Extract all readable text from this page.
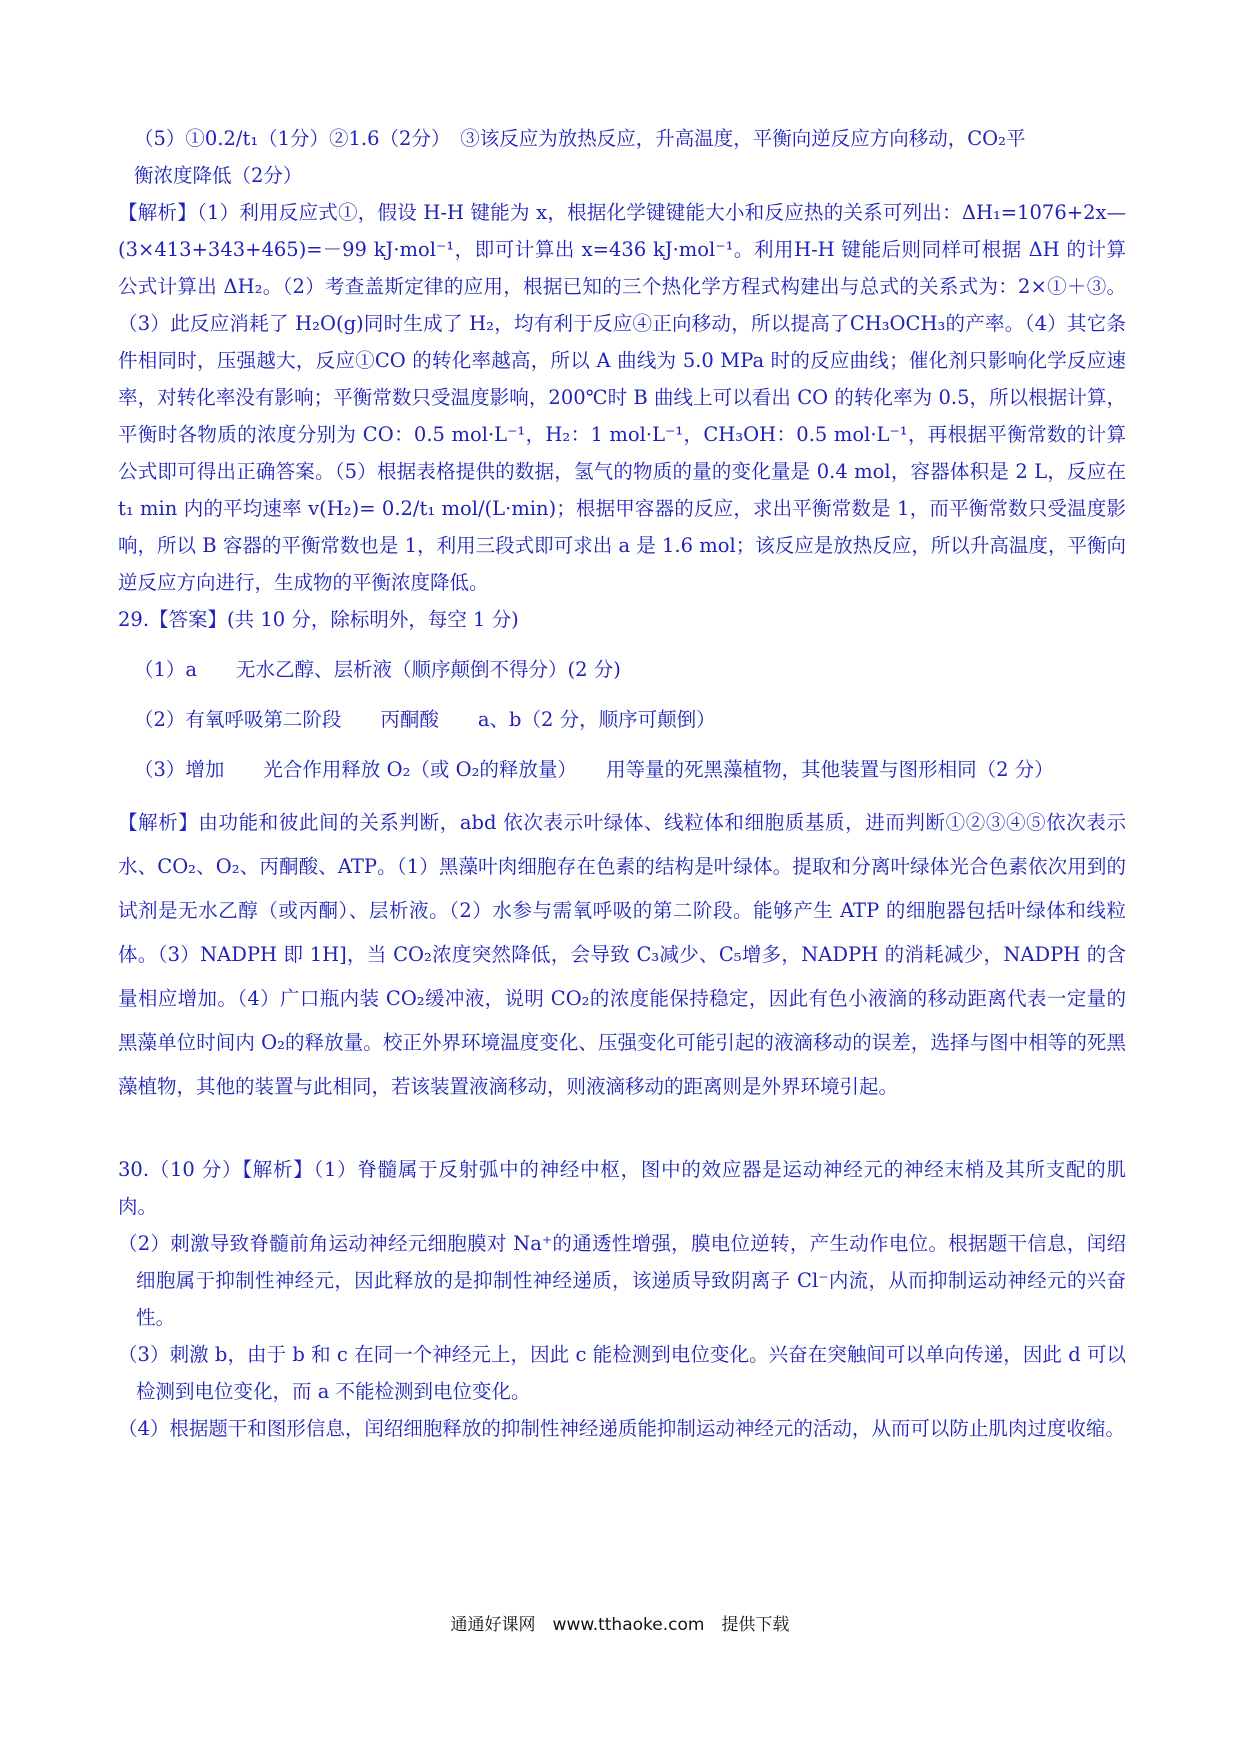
（5）①0.2/t₁（1分）②1.6（2分）　③该反应为放热反应，升高温度，平衡向逆反应方向移动，CO₂平

衡浓度降低（2分）

【解析】（1）利用反应式①，假设 H-H 键能为 x，根据化学键键能大小和反应热的关系可列出：ΔH₁=1076+2x—(3×413+343+465)=－99 kJ·mol⁻¹，即可计算出 x=436 kJ·mol⁻¹。利用H-H 键能后则同样可根据 ΔH 的计算公式计算出 ΔH₂。（2）考查盖斯定律的应用，根据已知的三个热化学方程式构建出与总式的关系式为：2×①＋③。（3）此反应消耗了 H₂O(g)同时生成了 H₂，均有利于反应④正向移动，所以提高了CH₃OCH₃的产率。（4）其它条件相同时，压强越大，反应①CO 的转化率越高，所以 A 曲线为 5.0 MPa 时的反应曲线；催化剂只影响化学反应速率，对转化率没有影响；平衡常数只受温度影响，200℃时 B 曲线上可以看出 CO 的转化率为 0.5，所以根据计算，平衡时各物质的浓度分别为 CO：0.5 mol·L⁻¹，H₂：1 mol·L⁻¹，CH₃OH：0.5 mol·L⁻¹，再根据平衡常数的计算公式即可得出正确答案。（5）根据表格提供的数据，氢气的物质的量的变化量是 0.4 mol，容器体积是 2 L，反应在 t₁ min 内的平均速率 v(H₂)= 0.2/t₁ mol/(L·min)；根据甲容器的反应，求出平衡常数是 1，而平衡常数只受温度影响，所以 B 容器的平衡常数也是 1，利用三段式即可求出 a 是 1.6 mol；该反应是放热反应，所以升高温度，平衡向逆反应方向进行，生成物的平衡浓度降低。

29.【答案】(共 10 分，除标明外，每空 1 分)

（1）a　　无水乙醇、层析液（顺序颠倒不得分）(2 分)

（2）有氧呼吸第二阶段　　丙酮酸　　a、b（2 分，顺序可颠倒）

（3）增加　　光合作用释放 O₂（或 O₂的释放量）　　用等量的死黑藻植物，其他装置与图形相同（2 分）

【解析】由功能和彼此间的关系判断，abd 依次表示叶绿体、线粒体和细胞质基质，进而判断①②③④⑤依次表示水、CO₂、O₂、丙酮酸、ATP。（1）黑藻叶肉细胞存在色素的结构是叶绿体。提取和分离叶绿体光合色素依次用到的试剂是无水乙醇（或丙酮）、层析液。（2）水参与需氧呼吸的第二阶段。能够产生 ATP 的细胞器包括叶绿体和线粒体。（3）NADPH 即 1H]，当 CO₂浓度突然降低，会导致 C₃减少、C₅增多，NADPH 的消耗减少，NADPH 的含量相应增加。（4）广口瓶内装 CO₂缓冲液，说明 CO₂的浓度能保持稳定，因此有色小液滴的移动距离代表一定量的黑藻单位时间内 O₂的释放量。校正外界环境温度变化、压强变化可能引起的液滴移动的误差，选择与图中相等的死黑藻植物，其他的装置与此相同，若该装置液滴移动，则液滴移动的距离则是外界环境引起。

30.（10 分）【解析】（1）脊髓属于反射弧中的神经中枢，图中的效应器是运动神经元的神经末梢及其所支配的肌肉。

（2）刺激导致脊髓前角运动神经元细胞膜对 Na⁺的通透性增强，膜电位逆转，产生动作电位。根据题干信息，闰绍细胞属于抑制性神经元，因此释放的是抑制性神经递质，该递质导致阴离子 Cl⁻内流，从而抑制运动神经元的兴奋性。

（3）刺激 b，由于 b 和 c 在同一个神经元上，因此 c 能检测到电位变化。兴奋在突触间可以单向传递，因此 d 可以检测到电位变化，而 a 不能检测到电位变化。

（4）根据题干和图形信息，闰绍细胞释放的抑制性神经递质能抑制运动神经元的活动，从而可以防止肌肉过度收缩。

通通好课网　www.tthaoke.com　提供下载
